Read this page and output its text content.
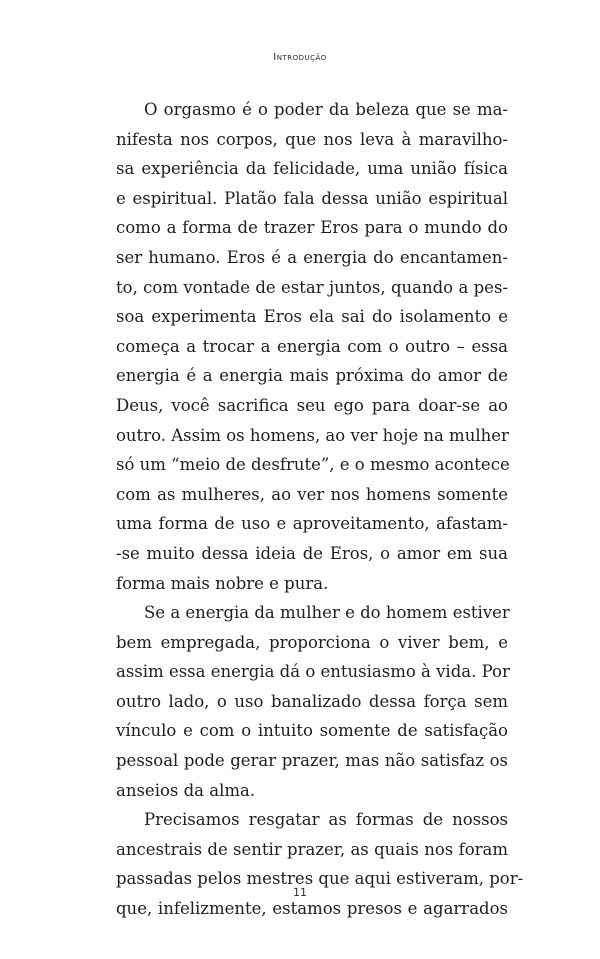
Introdução
O orgasmo é o poder da beleza que se ma-
nifesta nos corpos, que nos leva à maravilho-
sa experiência da felicidade, uma união física
e espiritual. Platão fala dessa união espiritual
como a forma de trazer Eros para o mundo do
ser humano. Eros é a energia do encantamen-
to, com vontade de estar juntos, quando a pes-
soa experimenta Eros ela sai do isolamento e
começa a trocar a energia com o outro – essa
energia é a energia mais próxima do amor de
Deus, você sacrifica seu ego para doar-se ao
outro. Assim os homens, ao ver hoje na mulher
só um “meio de desfrute”, e o mesmo acontece
com as mulheres, ao ver nos homens somente
uma forma de uso e aproveitamento, afastam-
-se muito dessa ideia de Eros, o amor em sua
forma mais nobre e pura.
Se a energia da mulher e do homem estiver
bem empregada, proporciona o viver bem, e
assim essa energia dá o entusiasmo à vida. Por
outro lado, o uso banalizado dessa força sem
vínculo e com o intuito somente de satisfação
pessoal pode gerar prazer, mas não satisfaz os
anseios da alma.
Precisamos resgatar as formas de nossos
ancestrais de sentir prazer, as quais nos foram
passadas pelos mestres que aqui estiveram, por-
que, infelizmente, estamos presos e agarrados
11
